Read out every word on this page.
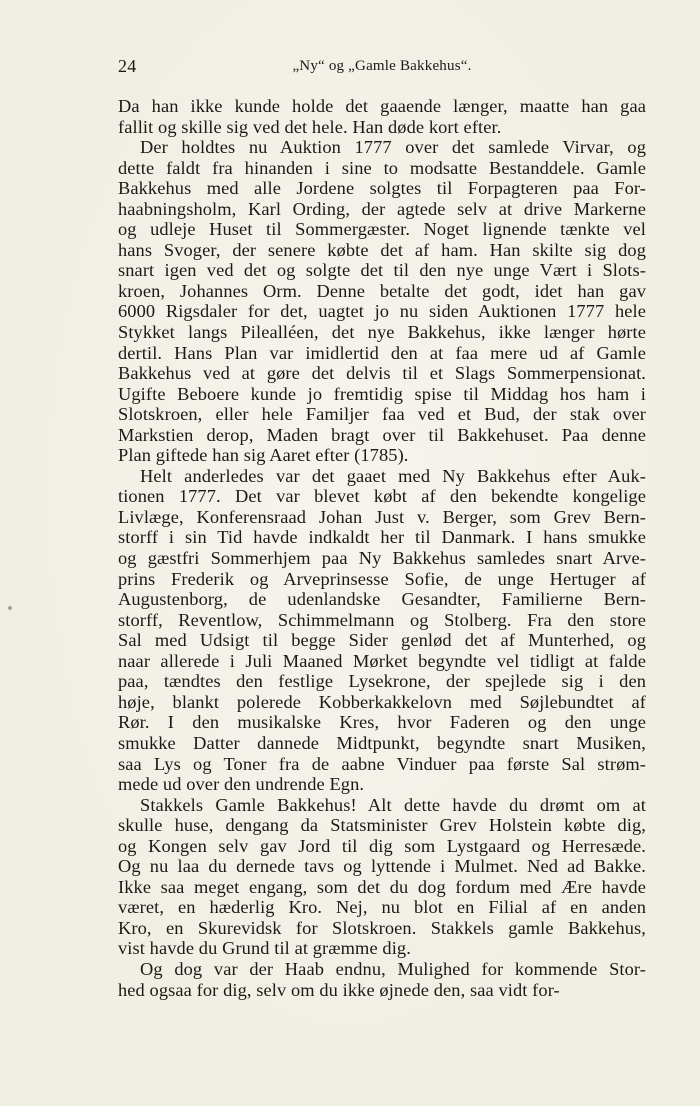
24	„Ny“ og „Gamle Bakkehus“.
Da han ikke kunde holde det gaaende længer, maatte han gaa
fallit og skille sig ved det hele. Han døde kort efter.
Der holdtes nu Auktion 1777 over det samlede Virvar, og
dette faldt fra hinanden i sine to modsatte Bestanddele. Gamle
Bakkehus med alle Jordene solgtes til Forpagteren paa For-
haabningsholm, Karl Ording, der agtede selv at drive Markerne
og udleje Huset til Sommergæster. Noget lignende tænkte vel
hans Svoger, der senere købte det af ham. Han skilte sig dog
snart igen ved det og solgte det til den nye unge Vært i Slots-
kroen, Johannes Orm. Denne betalte det godt, idet han gav
6000 Rigsdaler for det, uagtet jo nu siden Auktionen 1777 hele
Stykket langs Pilealléen, det nye Bakkehus, ikke længer hørte
dertil. Hans Plan var imidlertid den at faa mere ud af Gamle
Bakkehus ved at gøre det delvis til et Slags Sommerpensionat.
Ugifte Beboere kunde jo fremtidig spise til Middag hos ham i
Slotskroen, eller hele Familjer faa ved et Bud, der stak over
Markstien derop, Maden bragt over til Bakkehuset. Paa denne
Plan giftede han sig Aaret efter (1785).
Helt anderledes var det gaaet med Ny Bakkehus efter Auk-
tionen 1777. Det var blevet købt af den bekendte kongelige
Livlæge, Konferensraad Johan Just v. Berger, som Grev Bern-
storff i sin Tid havde indkaldt her til Danmark. I hans smukke
og gæstfri Sommerhjem paa Ny Bakkehus samledes snart Arve-
prins Frederik og Arveprinsesse Sofie, de unge Hertuger af
Augustenborg, de udenlandske Gesandter, Familierne Bern-
storff, Reventlow, Schimmelmann og Stolberg. Fra den store
Sal med Udsigt til begge Sider genlød det af Munterhed, og
naar allerede i Juli Maaned Mørket begyndte vel tidligt at falde
paa, tændtes den festlige Lysekrone, der spejlede sig i den
høje, blankt polerede Kobberkakkelovn med Søjlebundtet af
Rør. I den musikalske Kres, hvor Faderen og den unge
smukke Datter dannede Midtpunkt, begyndte snart Musiken,
saa Lys og Toner fra de aabne Vinduer paa første Sal strøm-
mede ud over den undrende Egn.
Stakkels Gamle Bakkehus! Alt dette havde du drømt om at
skulle huse, dengang da Statsminister Grev Holstein købte dig,
og Kongen selv gav Jord til dig som Lystgaard og Herresæde.
Og nu laa du dernede tavs og lyttende i Mulmet. Ned ad Bakke.
Ikke saa meget engang, som det du dog fordum med Ære havde
været, en hæderlig Kro. Nej, nu blot en Filial af en anden
Kro, en Skurevidsk for Slotskroen. Stakkels gamle Bakkehus,
vist havde du Grund til at græmme dig.
Og dog var der Haab endnu, Mulighed for kommende Stor-
hed ogsaa for dig, selv om du ikke øjnede den, saa vidt for-
